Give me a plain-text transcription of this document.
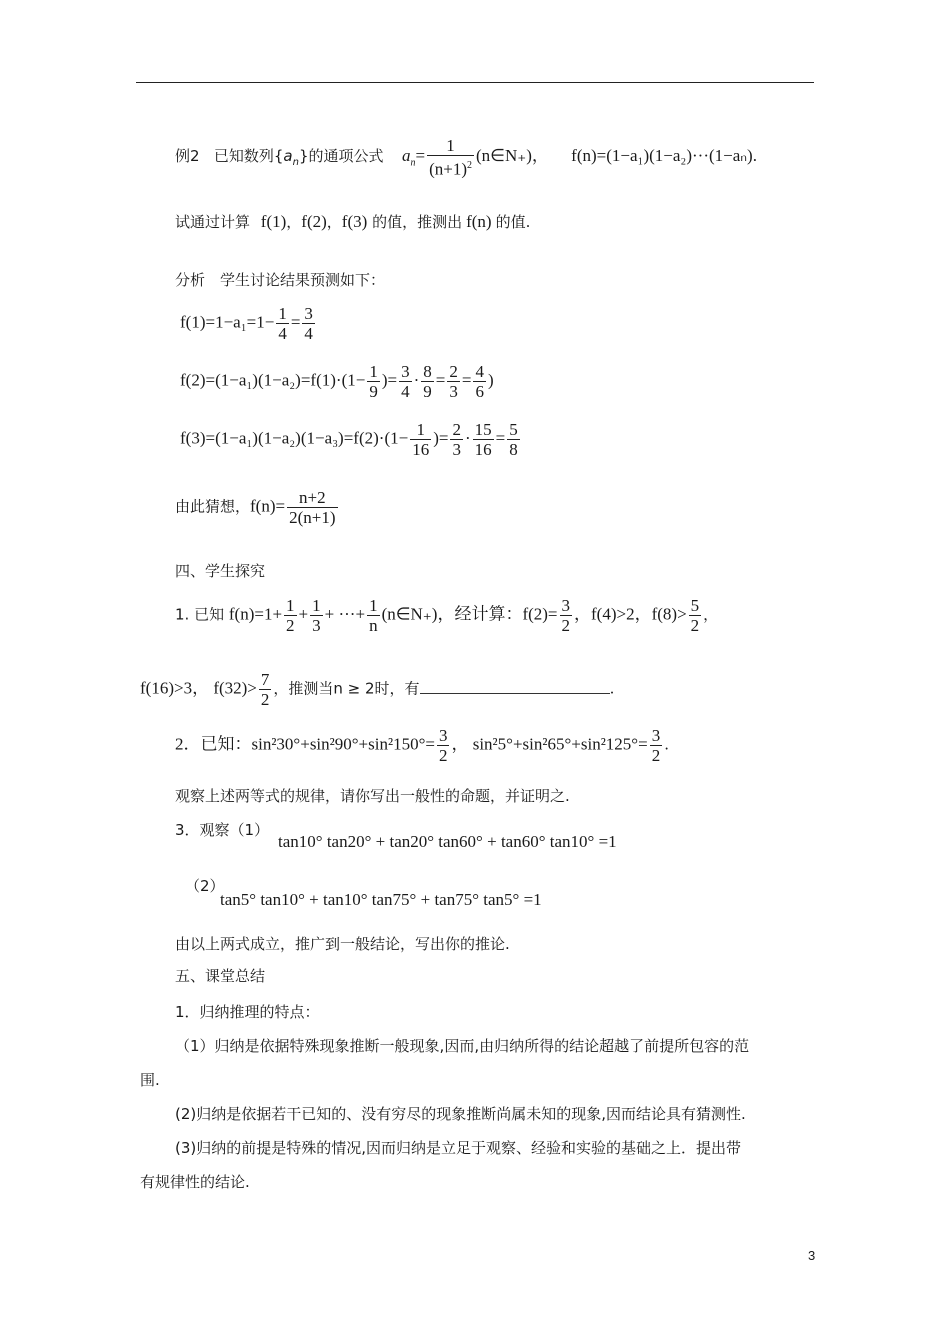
例2 已知数列$\{a_n\}$的通项公式 $a_n= \frac{1}{(n+1)^2}$ (n∈N₊)， f(n)=(1−a₁)(1−a₂)···(1−aₙ).
试通过计算 f(1)，f(2)，f(3) 的值，推测出 f(n) 的值.
分析　学生讨论结果预测如下：
$f(1)=1-a_1=1- \frac{1}{4} = \frac{3}{4}$
$f(2)=(1-a_1)(1-a_2)=f(1)\cdot(1- \frac{1}{9}$ )= $\frac{3}{4} \cdot \frac{8}{9} = \frac{2}{3} = \frac{4}{6}$ )
$f(3)=(1-a_1)(1-a_2)(1-a_3)=f(2)\cdot(1- \frac{1}{16}$ )= $\frac{2}{3} \cdot \frac{15}{16} = \frac{5}{8}$
由此猜想，$f(n)= \frac{n+2}{2(n+1)}$
四、学生探究
1. 已知 $f(n)=1+ \frac{1}{2} + \frac{1}{3}$ + ···+ $\frac{1}{n}$ (n∈N₊)，经计算：$f(2)= \frac{3}{2}$ ，f(4)>2，$f(8)> \frac{5}{2}$ ，
f(16)>3， $f(32)> \frac{7}{2}$ ，推测当n ≥ 2时，有	.
2．已知：$\sin^230^\circ+\sin^290^\circ+\sin^2150^\circ= \frac{3}{2}$ ， $\sin^25^\circ+\sin^265^\circ+\sin^2125^\circ= \frac{3}{2}$ .
观察上述两等式的规律，请你写出一般性的命题，并证明之.
3．观察（1）
tan10° tan20° + tan20° tan60° + tan60° tan10° =1
（2）
tan5° tan10° + tan10° tan75° + tan75° tan5° =1
由以上两式成立，推广到一般结论，写出你的推论.
五、课堂总结
1．归纳推理的特点：
（1）归纳是依据特殊现象推断一般现象,因而,由归纳所得的结论超越了前提所包容的范
围.
(2)归纳是依据若干已知的、没有穷尽的现象推断尚属未知的现象,因而结论具有猜测性.
(3)归纳的前提是特殊的情况,因而归纳是立足于观察、经验和实验的基础之上．提出带
有规律性的结论.
3
